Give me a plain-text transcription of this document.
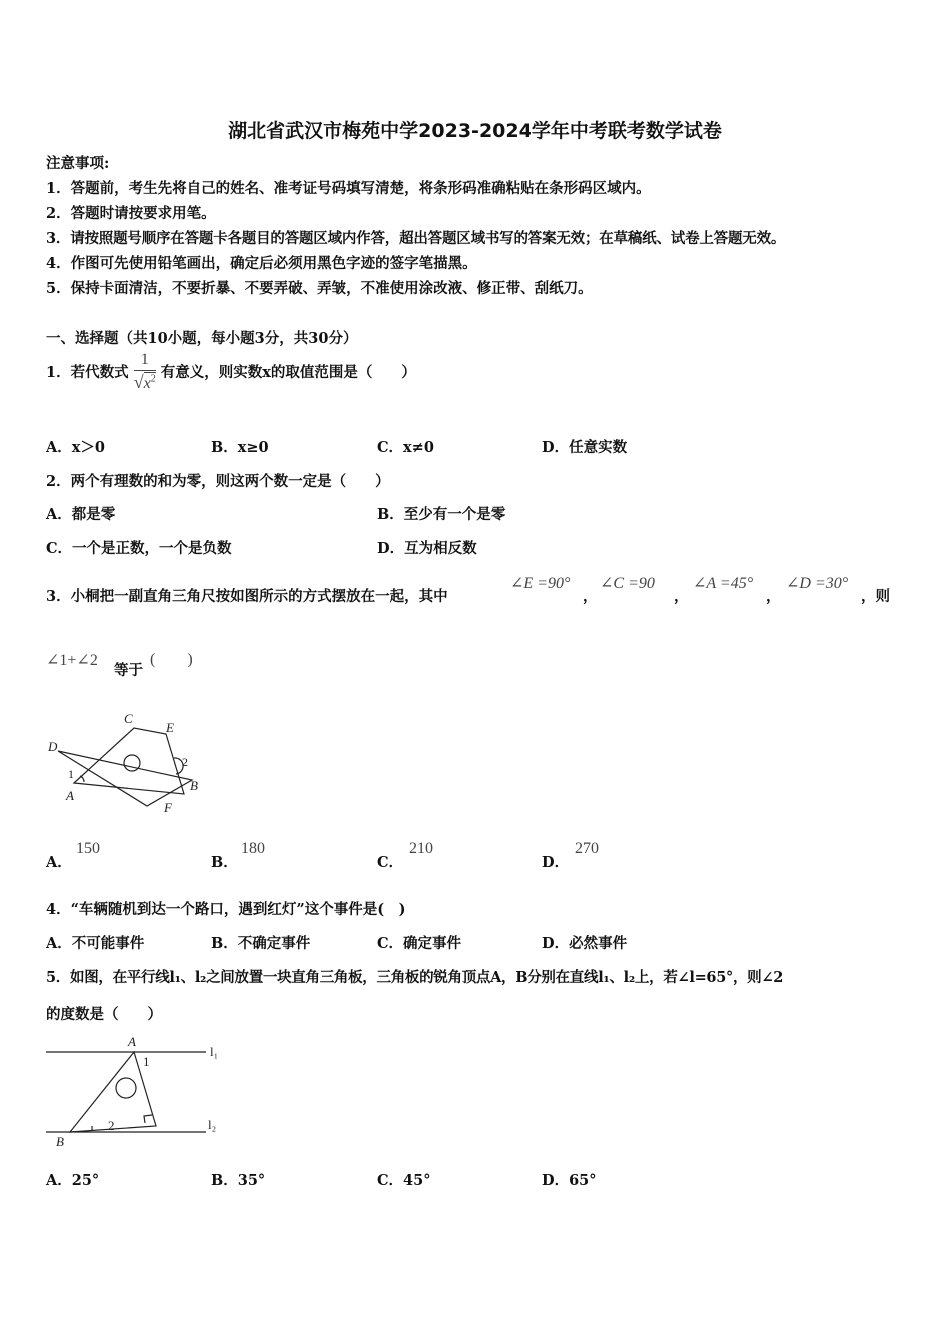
湖北省武汉市梅苑中学2023-2024学年中考联考数学试卷
注意事项:
1．答题前，考生先将自己的姓名、准考证号码填写清楚，将条形码准确粘贴在条形码区域内。
2．答题时请按要求用笔。
3．请按照题号顺序在答题卡各题目的答题区域内作答，超出答题区域书写的答案无效；在草稿纸、试卷上答题无效。
4．作图可先使用铅笔画出，确定后必须用黑色字迹的签字笔描黑。
5．保持卡面清洁，不要折暴、不要弄破、弄皱，不准使用涂改液、修正带、刮纸刀。
一、选择题（共10小题，每小题3分，共30分）
1．若代数式 $\frac{1}{√x^2}$ 有意义，则实数x的取值范围是（　　）
A．x＞0	B．x≥0	C．x≠0	D．任意实数
2．两个有理数的和为零，则这两个数一定是（　　）
A．都是零	B．至少有一个是零
C．一个是正数，一个是负数	D．互为相反数
3．小桐把一副直角三角尺按如图所示的方式摆放在一起，其中
∠E =90°
，
∠C =90
，
∠A =45°
，
∠D =30°
，则
∠1+∠2
等于
(　　)
C
E
D
2
1
B
A
F
A．
150
B．
180
C．
210
D．
270
4．“车辆随机到达一个路口，遇到红灯”这个事件是(　)
A．不可能事件	B．不确定事件	C．确定事件	D．必然事件
5．如图，在平行线l₁、l₂之间放置一块直角三角板，三角板的锐角顶点A，B分别在直线l₁、l₂上，若∠l=65°，则∠2
的度数是（　　）
A
1
l₁
l₂
B
2
A．25°	B．35°	C．45°	D．65°
